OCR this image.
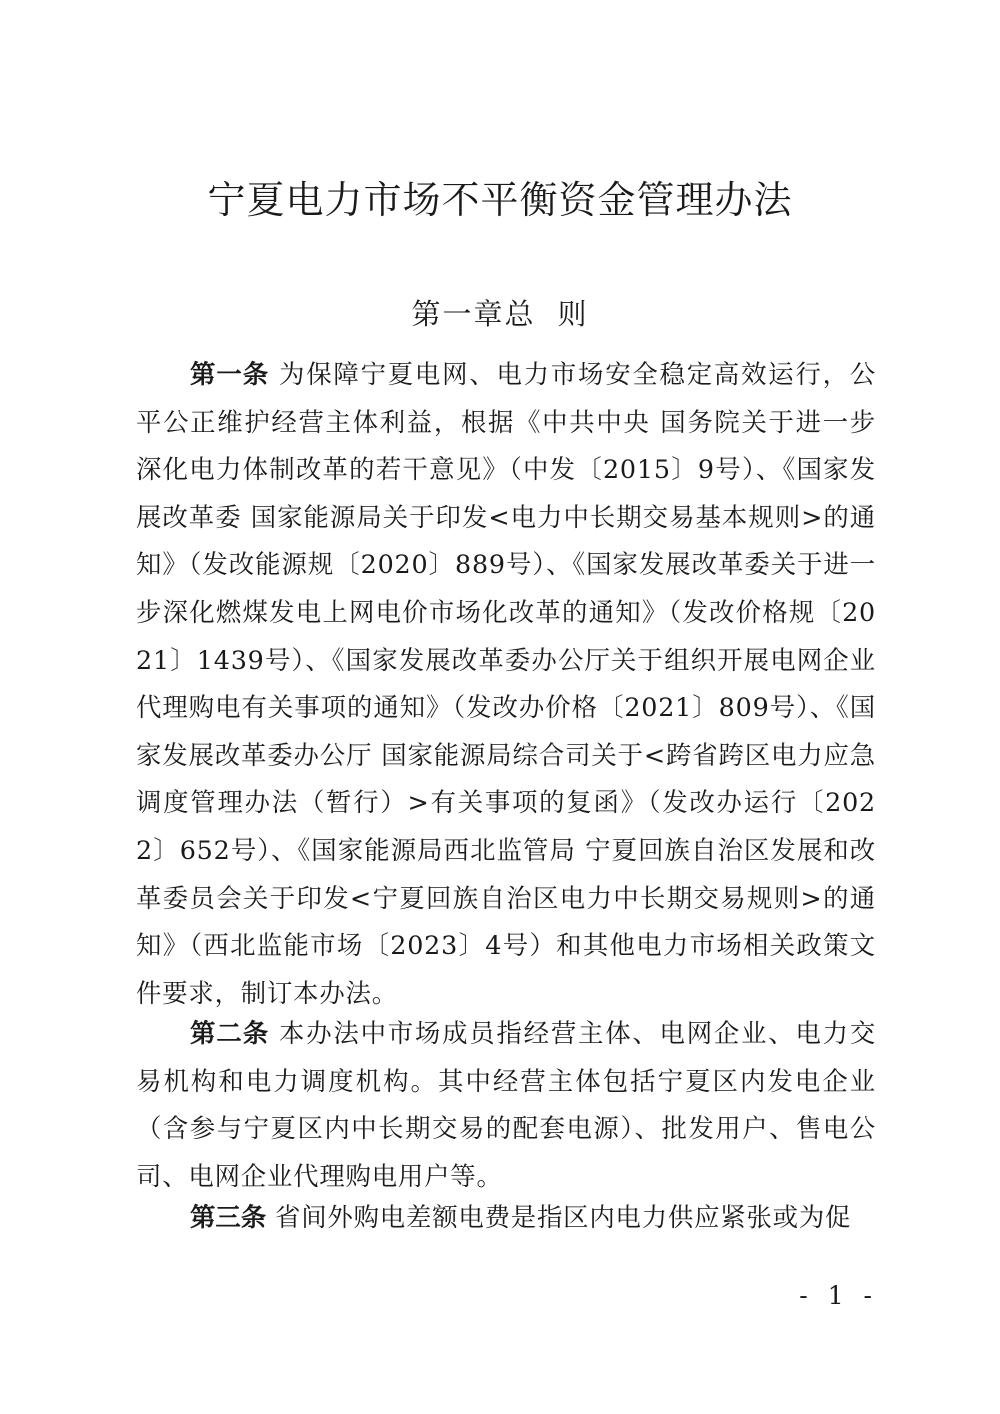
宁夏电力市场不平衡资金管理办法
第一章总 则

第一条 为保障宁夏电网、电力市场安全稳定高效运行，公平公正维护经营主体利益，根据《中共中央 国务院关于进一步深化电力体制改革的若干意见》（中发〔2015〕9号）、《国家发展改革委 国家能源局关于印发<电力中长期交易基本规则>的通知》（发改能源规〔2020〕889号）、《国家发展改革委关于进一步深化燃煤发电上网电价市场化改革的通知》（发改价格规〔2021〕1439号）、《国家发展改革委办公厅关于组织开展电网企业代理购电有关事项的通知》（发改办价格〔2021〕809号）、《国家发展改革委办公厅 国家能源局综合司关于<跨省跨区电力应急调度管理办法（暂行）>有关事项的复函》（发改办运行〔2022〕652号）、《国家能源局西北监管局 宁夏回族自治区发展和改革委员会关于印发<宁夏回族自治区电力中长期交易规则>的通知》（西北监能市场〔2023〕4号）和其他电力市场相关政策文件要求，制订本办法。

第二条 本办法中市场成员指经营主体、电网企业、电力交易机构和电力调度机构。其中经营主体包括宁夏区内发电企业（含参与宁夏区内中长期交易的配套电源）、批发用户、售电公司、电网企业代理购电用户等。

第三条 省间外购电差额电费是指区内电力供应紧张或为促

- 1 -
